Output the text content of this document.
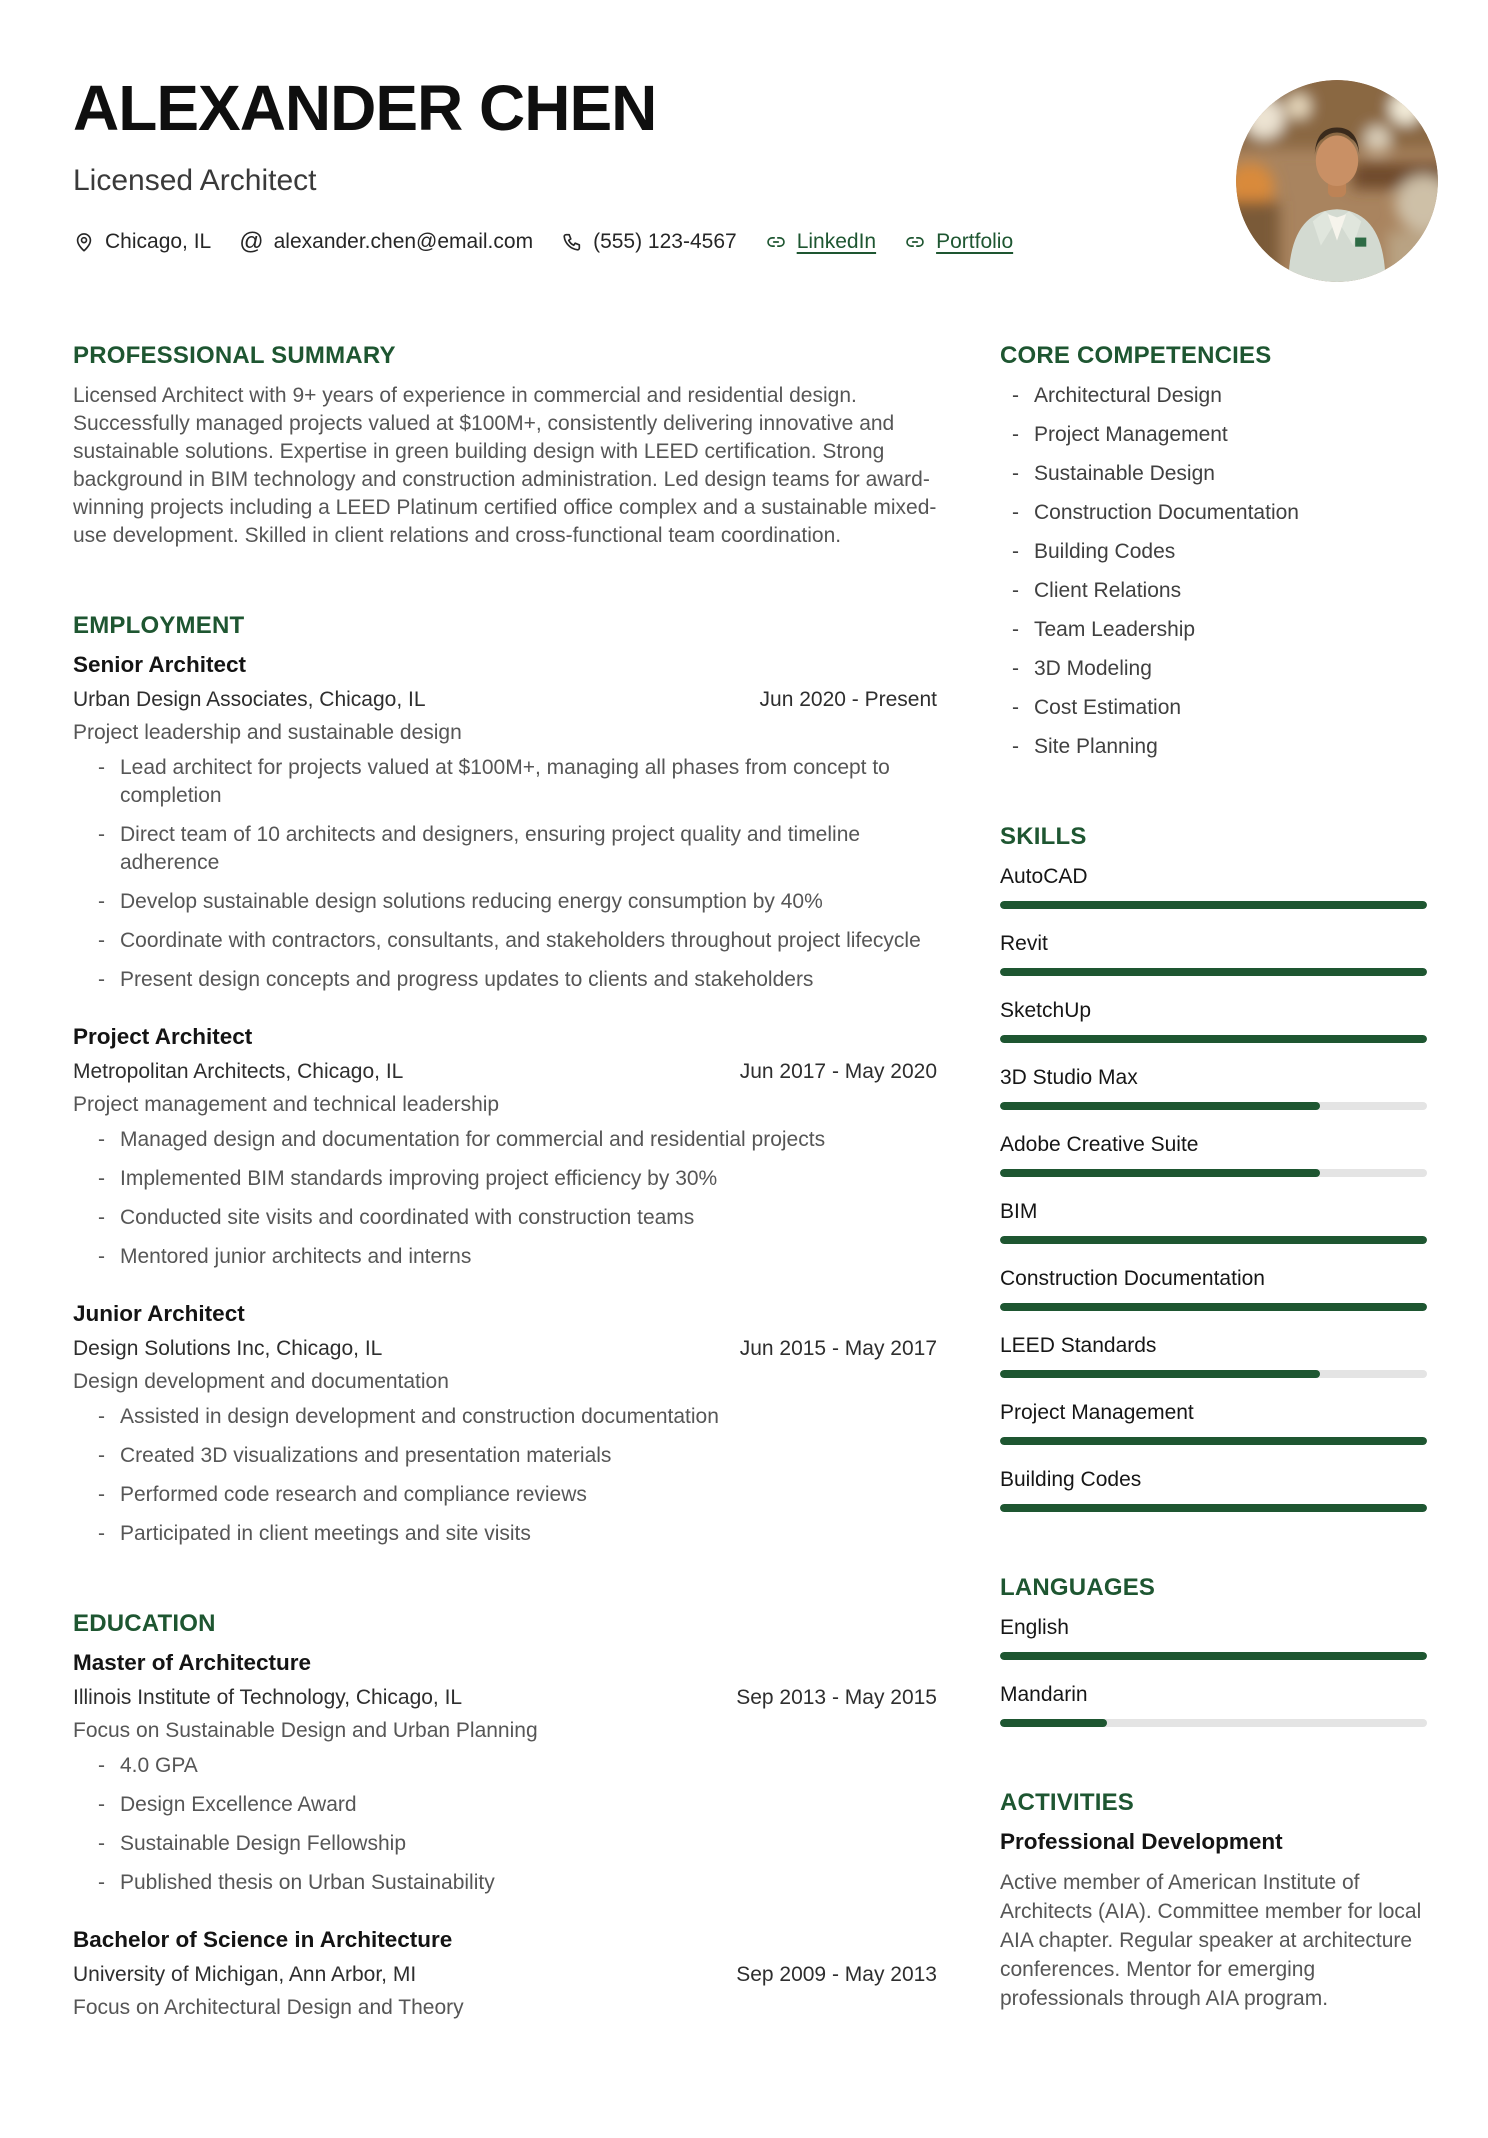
ALEXANDER CHEN
Licensed Architect
Chicago, IL @ alexander.chen@email.com	(555) 123-4567	LinkedIn	Portfolio
PROFESSIONAL SUMMARY

Licensed Architect with 9+ years of experience in commercial and residential design. Successfully managed projects valued at $100M+, consistently delivering innovative and sustainable solutions. Expertise in green building design with LEED certification. Strong background in BIM technology and construction administration. Led design teams for award-winning projects including a LEED Platinum certified office complex and a sustainable mixed-use development. Skilled in client relations and cross-functional team coordination.

EMPLOYMENT
Senior Architect
Urban Design Associates, Chicago, IL	Jun 2020 - Present
Project leadership and sustainable design
- Lead architect for projects valued at $100M+, managing all phases from concept to completion
- Direct team of 10 architects and designers, ensuring project quality and timeline adherence
- Develop sustainable design solutions reducing energy consumption by 40%
- Coordinate with contractors, consultants, and stakeholders throughout project lifecycle
- Present design concepts and progress updates to clients and stakeholders
Project Architect
Metropolitan Architects, Chicago, IL	Jun 2017 - May 2020
Project management and technical leadership
- Managed design and documentation for commercial and residential projects
- Implemented BIM standards improving project efficiency by 30%
- Conducted site visits and coordinated with construction teams
- Mentored junior architects and interns
Junior Architect
Design Solutions Inc, Chicago, IL	Jun 2015 - May 2017
Design development and documentation
- Assisted in design development and construction documentation
- Created 3D visualizations and presentation materials
- Performed code research and compliance reviews
- Participated in client meetings and site visits
EDUCATION
Master of Architecture
Illinois Institute of Technology, Chicago, IL	Sep 2013 - May 2015
Focus on Sustainable Design and Urban Planning
- 4.0 GPA
- Design Excellence Award
- Sustainable Design Fellowship
- Published thesis on Urban Sustainability
Bachelor of Science in Architecture
University of Michigan, Ann Arbor, MI	Sep 2009 - May 2013
Focus on Architectural Design and Theory
CORE COMPETENCIES
- Architectural Design
- Project Management
- Sustainable Design
- Construction Documentation
- Building Codes
- Client Relations
- Team Leadership
- 3D Modeling
- Cost Estimation
- Site Planning
SKILLS
AutoCAD
Revit
SketchUp
3D Studio Max
Adobe Creative Suite
BIM
Construction Documentation
LEED Standards
Project Management
Building Codes
LANGUAGES
English
Mandarin
ACTIVITIES
Professional Development

Active member of American Institute of Architects (AIA). Committee member for local AIA chapter. Regular speaker at architecture conferences. Mentor for emerging professionals through AIA program.
